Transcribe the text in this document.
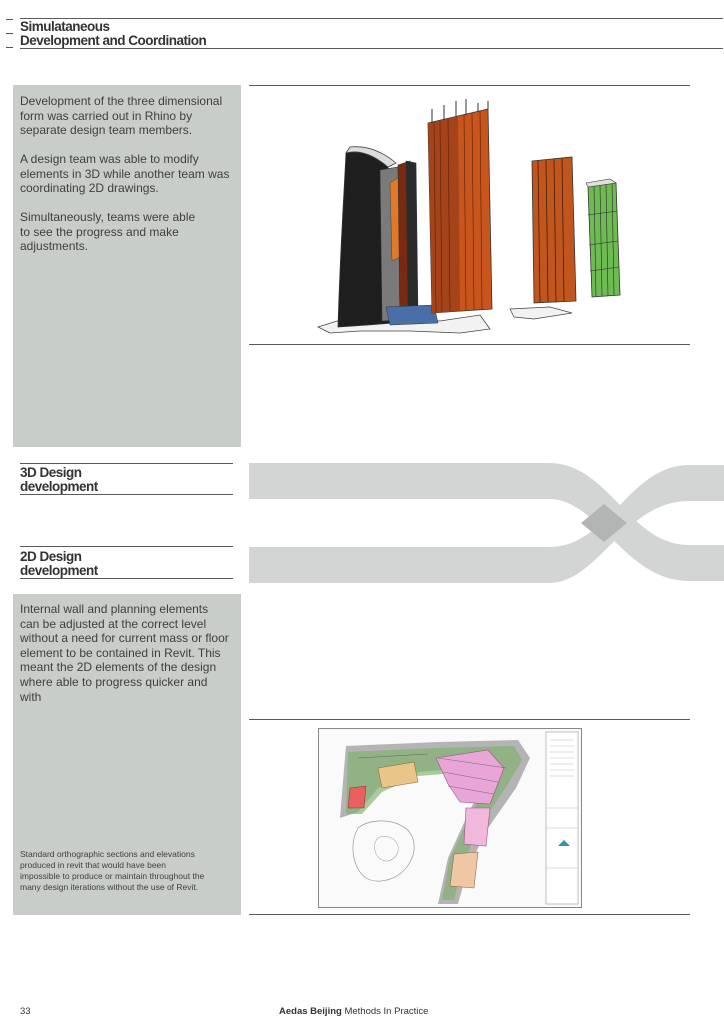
Simulataneous
Development and Coordination
Development of the three dimensional
form was carried out in Rhino by
separate design team members.
A design team was able to modify
elements in 3D while another team was
coordinating 2D drawings.
Simultaneously, teams were able
to see the progress and make
adjustments.
3D Design
development
2D Design
development
Internal wall and planning elements
can be adjusted at the correct level
without a need for current mass or floor
element to be contained in Revit. This
meant the 2D elements of the design
where able to progress quicker and
with
Standard orthographic sections and elevations
produced in revit that would have been
impossible to produce or maintain throughout the
many design iterations without the use of Revit.
33	Aedas Beijing Methods In Practice
